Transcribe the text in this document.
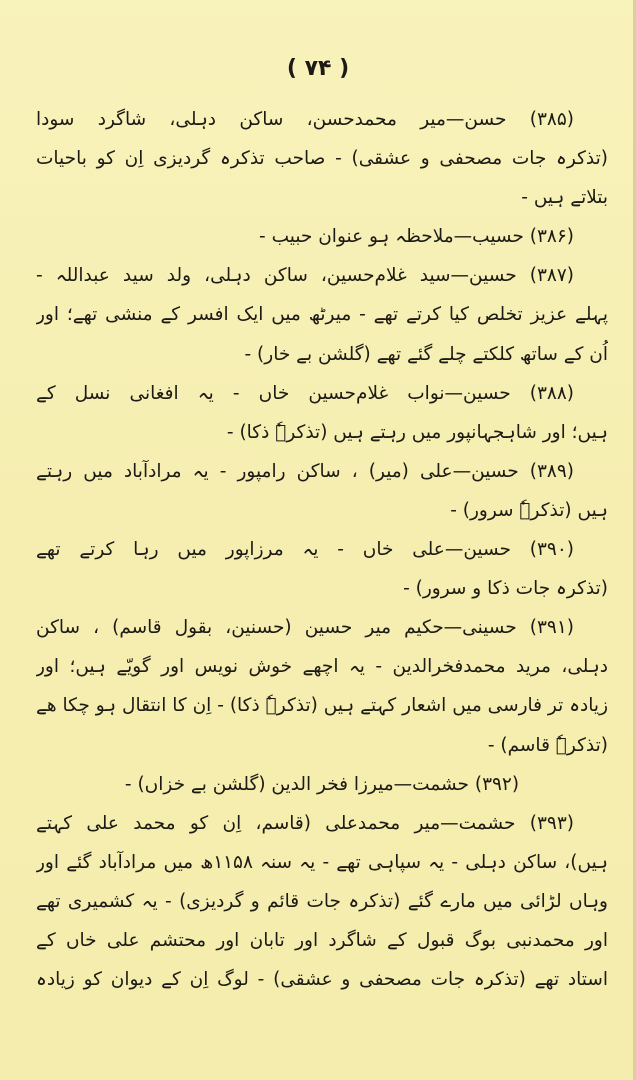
( ۷۴ )
(۳۸۵) حسن—میر محمدحسن، ساکن دہلی، شاگرد سودا
(تذکرہ جات مصحفی و عشقی) - صاحب تذکرہ گردیزی اِن کو باحیات
بتلاتے ہیں -
(۳۸۶) حسیب—ملاحظہ ہو عنوان حبیب -
(۳۸۷) حسین—سید غلام‌حسین، ساکن دہلی، ولد سید عبداللہ -
پہلے عزیز تخلص کیا کرتے تھے - میرٹھ میں ایک افسر کے منشی تھے؛ اور
اُن کے ساتھ کلکتے چلے گئے تھے (گلشن بے خار) -
(۳۸۸) حسین—نواب غلام‌حسین خاں - یہ افغانی نسل کے
ہیں؛ اور شاہجہانپور میں رہتے ہیں (تذکرہٗ ذکا) -
(۳۸۹) حسین—علی (میر) ، ساکن رامپور - یہ مراد‌آباد میں رہتے
ہیں (تذکرہٗ سرور) -
(۳۹۰) حسین—علی خاں - یہ مرزاپور میں رہا کرتے تھے
(تذکرہ جات ذکا و سرور) -
(۳۹۱) حسینی—حکیم میر حسین (حسنین، بقول قاسم) ، ساکن
دہلی، مرید محمدفخرالدین - یہ اچھے خوش نویس اور گویّے ہیں؛ اور
زیادہ تر فارسی میں اشعار کہتے ہیں (تذکرہٗ ذکا) - اِن کا انتقال ہو چکا ھے
(تذکرہٗ قاسم) -
(۳۹۲) حشمت—میرزا فخر الدین (گلشن بے خزاں) -
(۳۹۳) حشمت—میر محمدعلی (قاسم، اِن کو محمد علی کہتے
ہیں)، ساکن دہلی - یہ سپاہی تھے - یہ سنہ ۱۱۵۸ھ میں مراد‌آباد گئے اور
وہاں لڑائی میں مارے گئے (تذکرہ جات قائم و گردیزی) - یہ کشمیری تھے
اور محمدنبی بوگ قبول کے شاگرد اور تابان اور محتشم علی خاں کے
استاد تھے (تذکرہ جات مصحفی و عشقی) - لوگ اِن کے دیوان کو زیادہ
